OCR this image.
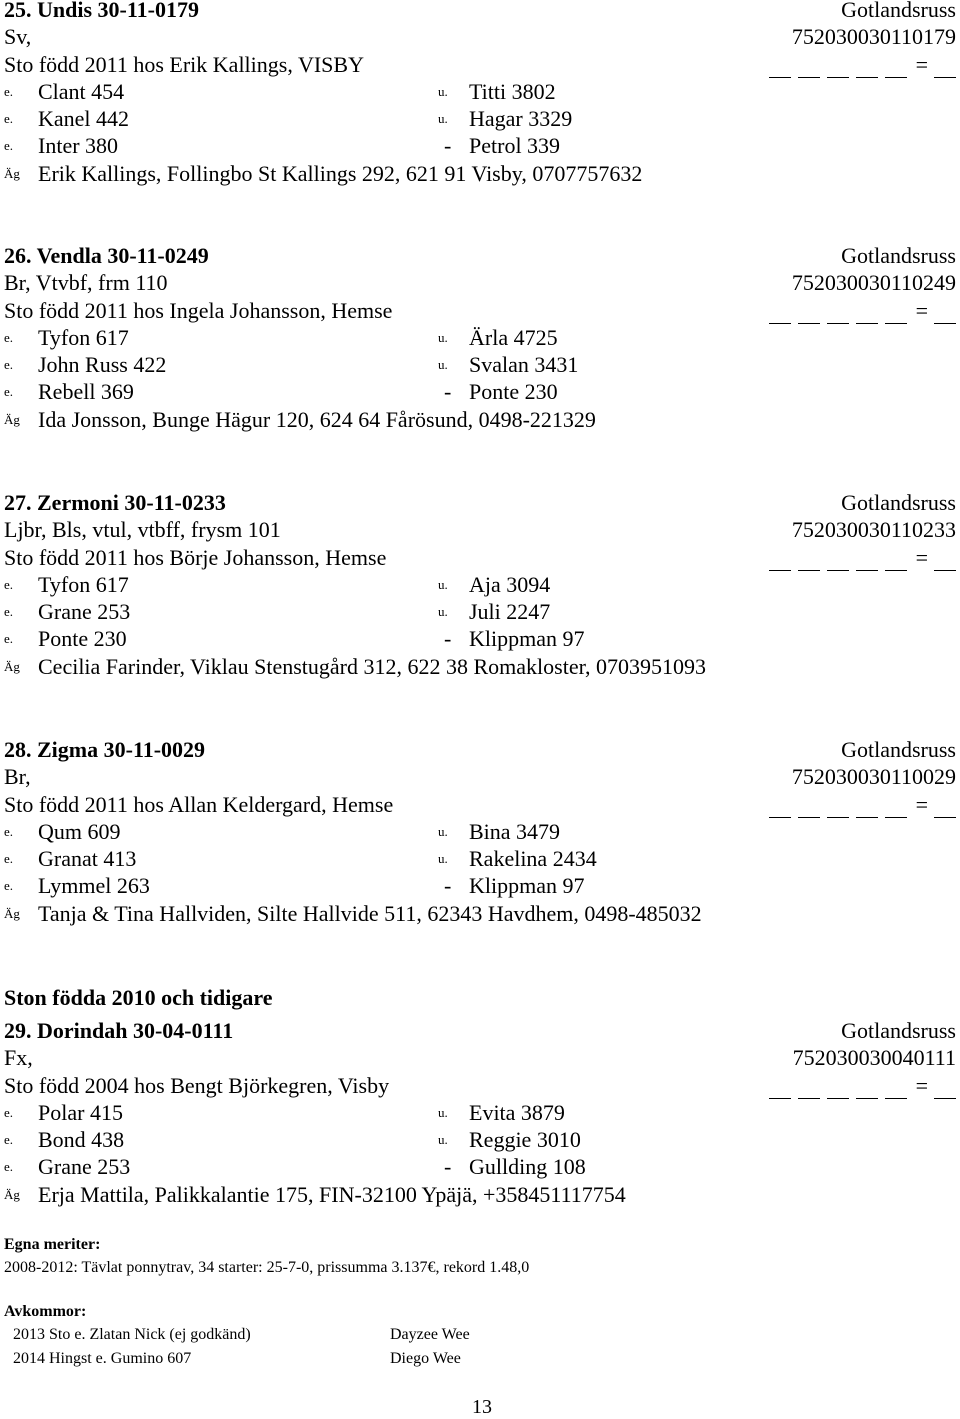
25. Undis 30-11-0179	Gotlandsruss
Sv,	752030030110179
Sto född 2011 hos Erik Kallings, VISBY	=
e.	Clant 454	u. Titti 3802
e.	Kanel 442	u. Hagar 3329
e.	Inter 380	- Petrol 339
Äg Erik Kallings, Follingbo St Kallings 292, 621 91 Visby, 0707757632
26. Vendla 30-11-0249	Gotlandsruss
Br, Vtvbf, frm 110	752030030110249
Sto född 2011 hos Ingela Johansson, Hemse	=
e.	Tyfon 617	u. Ärla 4725
e.	John Russ 422	u. Svalan 3431
e.	Rebell 369	- Ponte 230
Äg Ida Jonsson, Bunge Hägur 120, 624 64 Fårösund, 0498-221329
27. Zermoni 30-11-0233	Gotlandsruss
Ljbr, Bls, vtul, vtbff, frysm 101	752030030110233
Sto född 2011 hos Börje Johansson, Hemse	=
e.	Tyfon 617	u. Aja 3094
e.	Grane 253	u. Juli 2247
e.	Ponte 230	- Klippman 97
Äg Cecilia Farinder, Viklau Stenstugård 312, 622 38 Romakloster, 0703951093
28. Zigma 30-11-0029	Gotlandsruss
Br,	752030030110029
Sto född 2011 hos Allan Keldergard, Hemse	=
e.	Qum 609	u. Bina 3479
e.	Granat 413	u. Rakelina 2434
e.	Lymmel 263	- Klippman 97
Äg Tanja & Tina Hallviden, Silte Hallvide 511, 62343 Havdhem, 0498-485032
Ston födda 2010 och tidigare
29. Dorindah 30-04-0111	Gotlandsruss
Fx,	752030030040111
Sto född 2004 hos Bengt Björkegren, Visby	=
e.	Polar 415	u. Evita 3879
e.	Bond 438	u. Reggie 3010
e.	Grane 253	- Gullding 108
Äg Erja Mattila, Palikkalantie 175, FIN-32100 Ypäjä, +358451117754
Egna meriter:
2008-2012: Tävlat ponnytrav, 34 starter: 25-7-0, prissumma 3.137€, rekord 1.48,0
Avkommor:
2013 Sto e. Zlatan Nick (ej godkänd)	Dayzee Wee
2014 Hingst e. Gumino 607	Diego Wee
13
